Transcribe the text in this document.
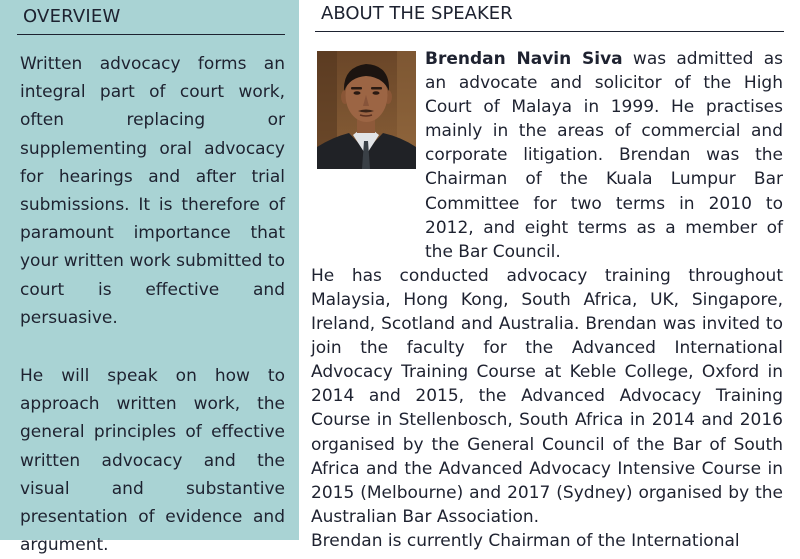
OVERVIEW

Written advocacy forms an integral part of court work, often replacing or supplementing oral advocacy for hearings and after trial submissions. It is therefore of paramount importance that your written work submitted to court is effective and persuasive.

He will speak on how to approach written work, the general principles of effective written advocacy and the visual and substantive presentation of evidence and argument.

ABOUT THE SPEAKER

Brendan Navin Siva was admitted as an advocate and solicitor of the High Court of Malaya in 1999. He practises mainly in the areas of commercial and corporate litigation. Brendan was the Chairman of the Kuala Lumpur Bar Committee for two terms in 2010 to 2012, and eight terms as a member of the Bar Council.

He has conducted advocacy training throughout Malaysia, Hong Kong, South Africa, UK, Singapore, Ireland, Scotland and Australia. Brendan was invited to join the faculty for the Advanced International Advocacy Training Course at Keble College, Oxford in 2014 and 2015, the Advanced Advocacy Training Course in Stellenbosch, South Africa in 2014 and 2016 organised by the General Council of the Bar of South Africa and the Advanced Advocacy Intensive Course in 2015 (Melbourne) and 2017 (Sydney) organised by the Australian Bar Association.

Brendan is currently Chairman of the International
